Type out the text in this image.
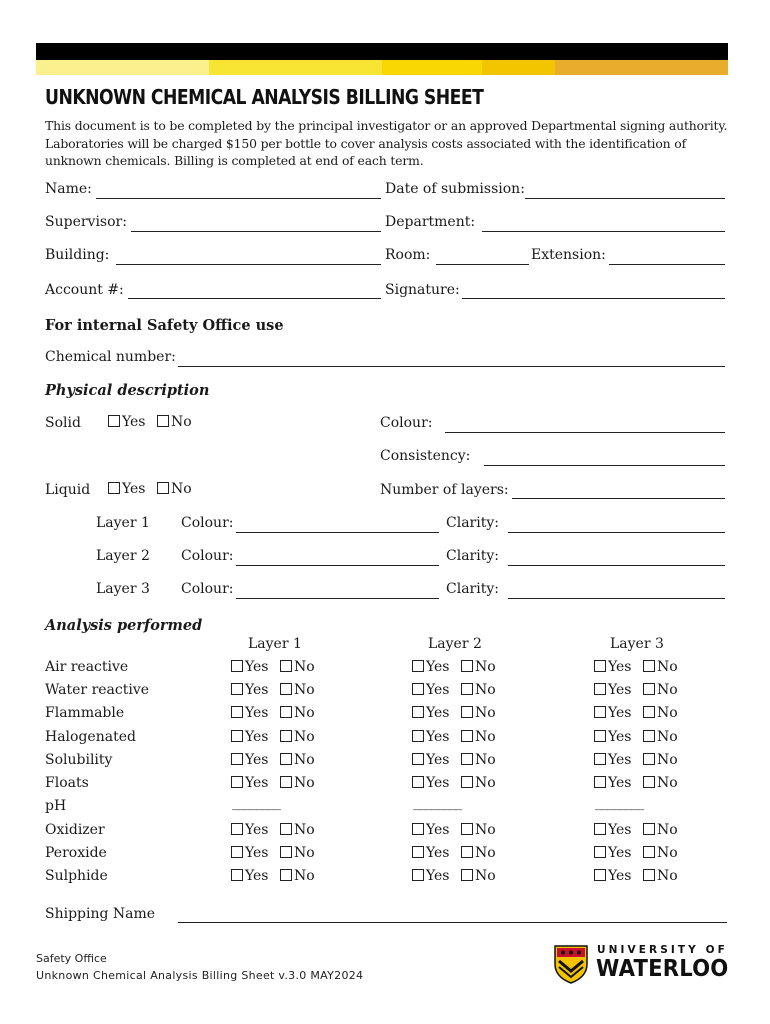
UNKNOWN CHEMICAL ANALYSIS BILLING SHEET
This document is to be completed by the principal investigator or an approved Departmental signing authority. Laboratories will be charged $150 per bottle to cover analysis costs associated with the identification of unknown chemicals. Billing is completed at end of each term.
Name:	Date of submission:
Supervisor:	Department:
Building:	Room:	Extension:
Account #:	Signature:
For internal Safety Office use
Chemical number:
Physical description
Solid	Yes	No	Colour:
Consistency:
Liquid	Yes	No	Number of layers:
Layer 1 Colour:	Clarity:
Layer 2 Colour:	Clarity:
Layer 3 Colour:	Clarity:
Analysis performed
Layer 1	Layer 2	Layer 3
Air reactive	Yes	No	Yes	No	Yes	No
Water reactive	Yes	No	Yes	No	Yes	No
Flammable	Yes	No	Yes	No	Yes	No
Halogenated	Yes	No	Yes	No	Yes	No
Solubility	Yes	No	Yes	No	Yes	No
Floats	Yes	No	Yes	No	Yes	No
pH	________	________	________
Oxidizer	Yes	No	Yes	No	Yes	No
Peroxide	Yes	No	Yes	No	Yes	No
Sulphide	Yes	No	Yes	No	Yes	No
Shipping Name
Safety Office
Unknown Chemical Analysis Billing Sheet v.3.0 MAY2024
UNIVERSITY OF
WATERLOO
